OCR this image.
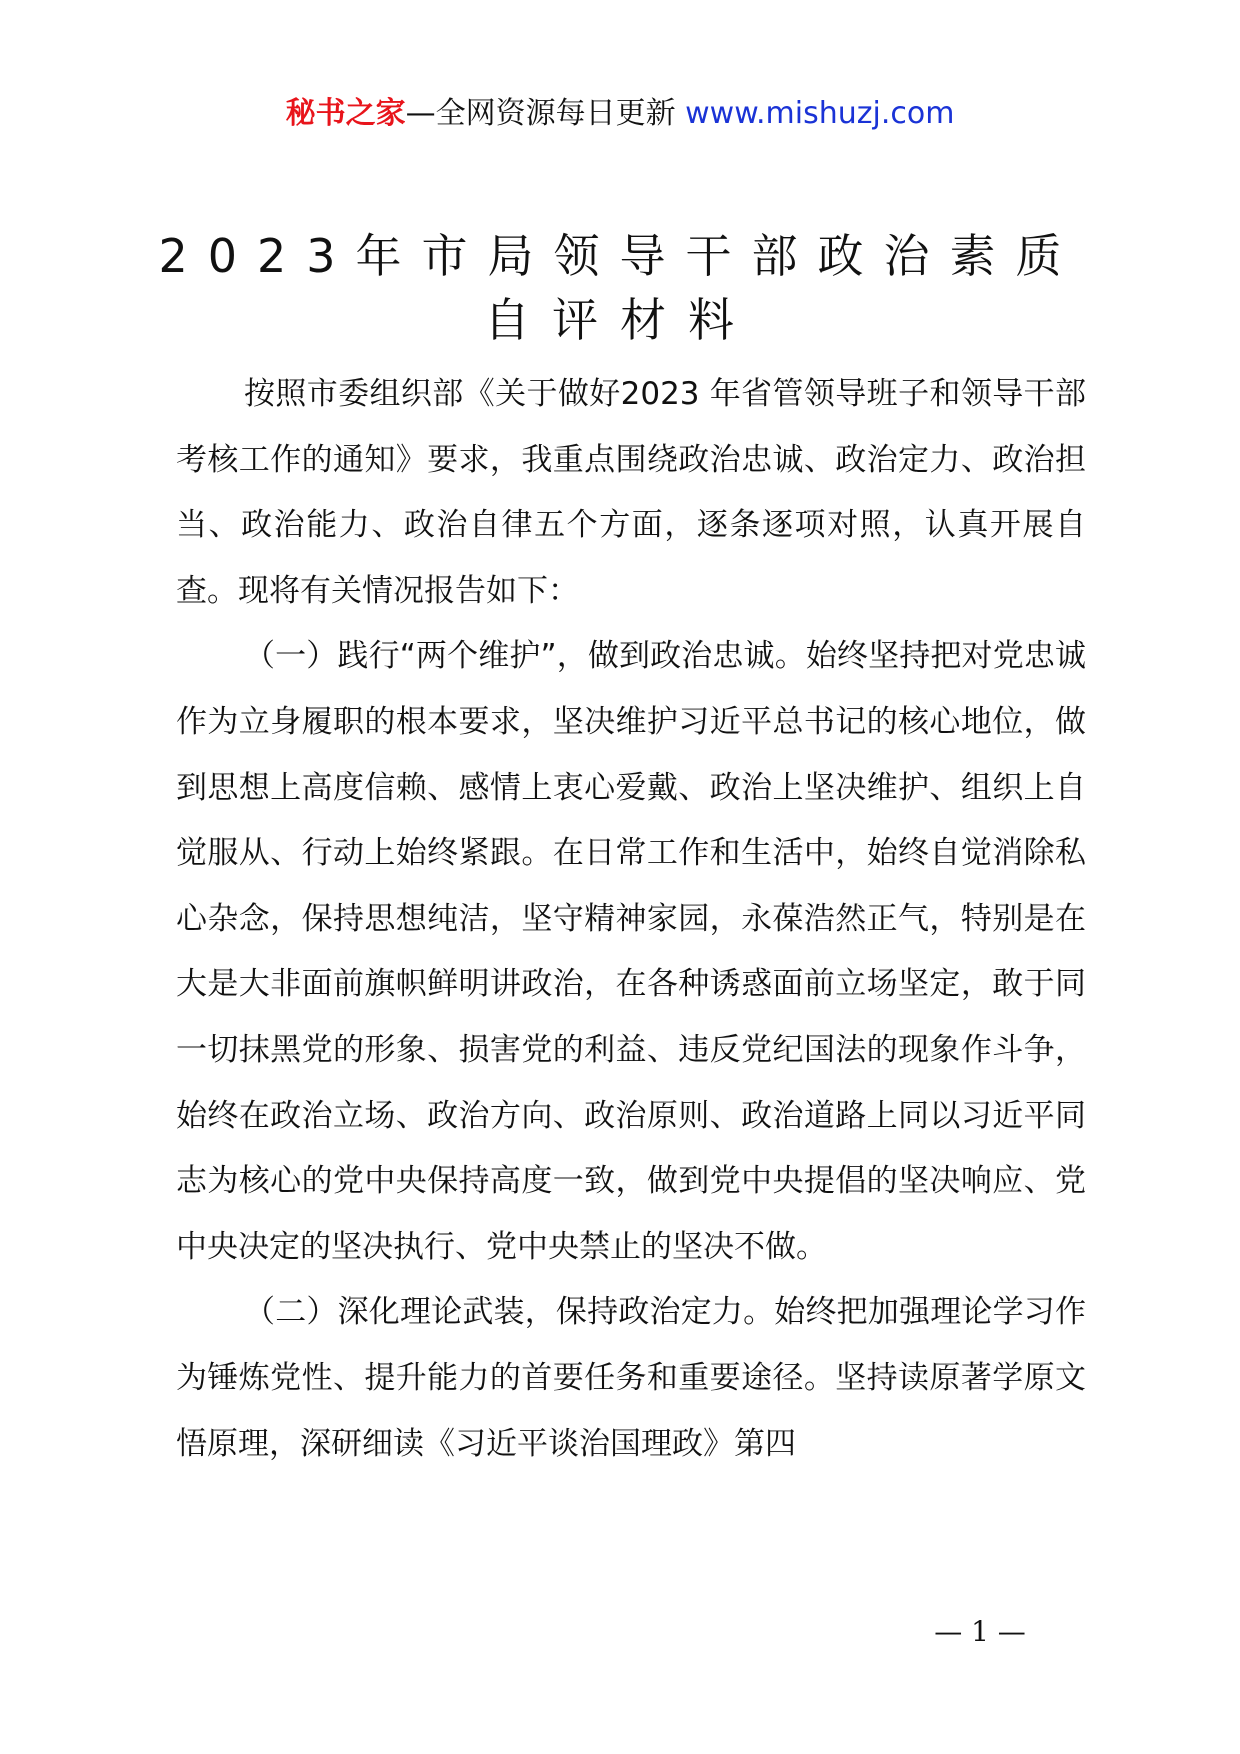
秘书之家—全网资源每日更新 www.mishuzj.com
2023年市局领导干部政治素质
自评材料

按照市委组织部《关于做好2023 年省管领导班子和领导干部考核工作的通知》要求，我重点围绕政治忠诚、政治定力、政治担当、政治能力、政治自律五个方面，逐条逐项对照，认真开展自查。现将有关情况报告如下：

（一）践行“两个维护”，做到政治忠诚。始终坚持把对党忠诚作为立身履职的根本要求，坚决维护习近平总书记的核心地位，做到思想上高度信赖、感情上衷心爱戴、政治上坚决维护、组织上自觉服从、行动上始终紧跟。在日常工作和生活中，始终自觉消除私心杂念，保持思想纯洁，坚守精神家园，永葆浩然正气，特别是在大是大非面前旗帜鲜明讲政治，在各种诱惑面前立场坚定，敢于同一切抹黑党的形象、损害党的利益、违反党纪国法的现象作斗争，始终在政治立场、政治方向、政治原则、政治道路上同以习近平同志为核心的党中央保持高度一致，做到党中央提倡的坚决响应、党中央决定的坚决执行、党中央禁止的坚决不做。

（二）深化理论武装，保持政治定力。始终把加强理论学习作为锤炼党性、提升能力的首要任务和重要途径。坚持读原著学原文悟原理，深研细读《习近平谈治国理政》第四

— 1 —
